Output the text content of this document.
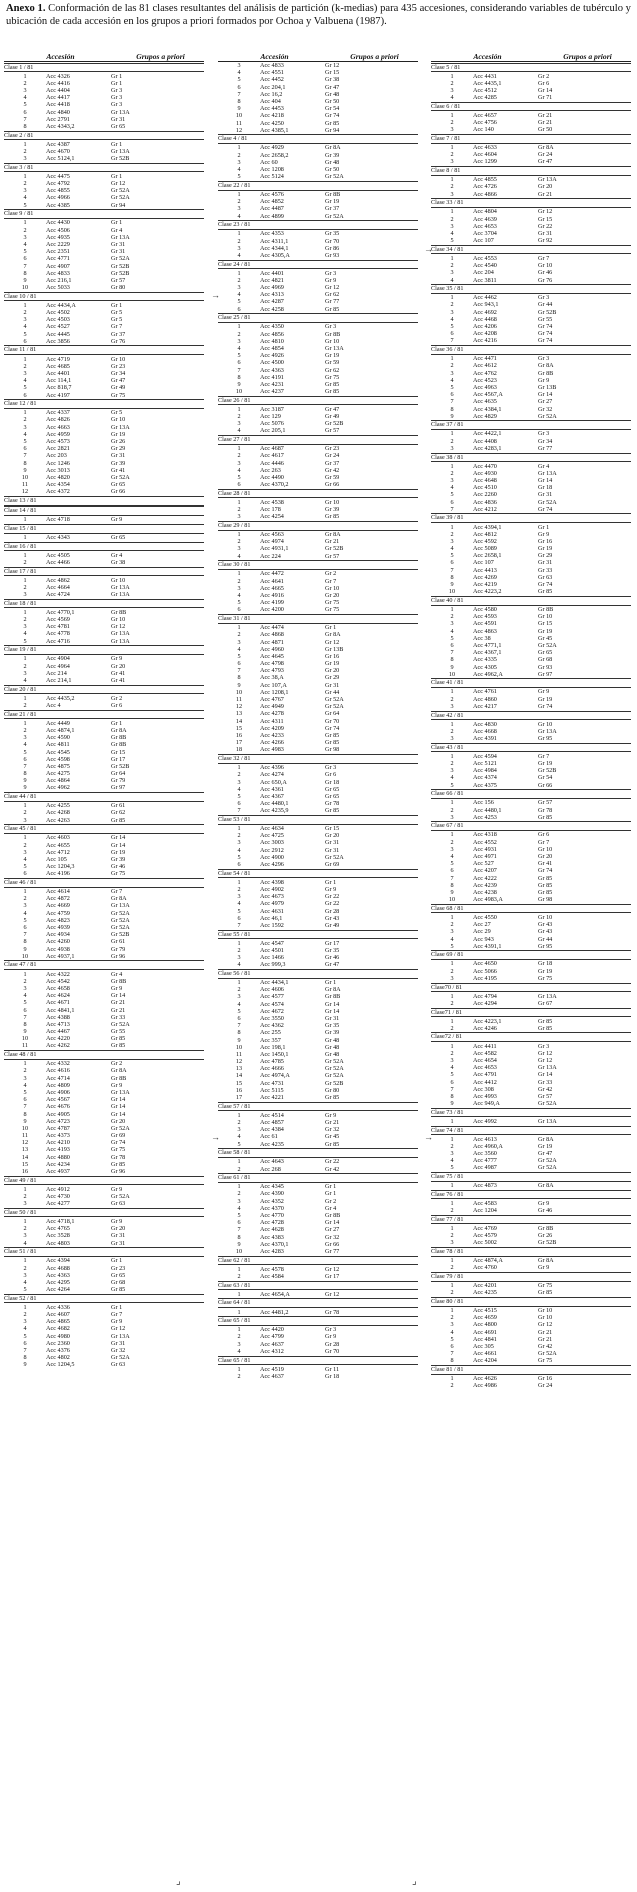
Anexo 1. Conformación de las 81 clases resultantes del análisis de partición (k-medias) para 435 accesiones, considerando variables de tubérculo y ubicación de cada accesión en los grupos a priori formados por Ochoa y Valbuena (1987).
Accesión	Grupos a priori
Clase 1 / 81
1	Acc 4326	Gr 1
2	Acc 4416	Gr 1
3	Acc 4404	Gr 3
4	Acc 4417	Gr 3
5	Acc 4418	Gr 3
6	Acc 4840	Gr 13A
7	Acc 2791	Gr 31
8	Acc 4343,2	Gr 65
Clase 2 / 81
1	Acc 4387	Gr 1
2	Acc 4670	Gr 13A
3	Acc 5124,1	Gr 52B
Clase 3 / 81
1	Acc 4475	Gr 1
2	Acc 4792	Gr 12
3	Acc 4855	Gr 52A
4	Acc 4966	Gr 52A
5	Acc 4385	Gr 94
Clase 9 / 81
1	Acc 4430	Gr 1
2	Acc 4506	Gr 4
3	Acc 4935	Gr 13A
4	Acc 2229	Gr 31
5	Acc 2351	Gr 31
6	Acc 4771	Gr 52A
7	Acc 4907	Gr 52B
8	Acc 4833	Gr 52B
9	Acc 216,1	Gr 57
10	Acc 5033	Gr 80
Clase 10 / 81
1	Acc 4434,A	Gr 1
2	Acc 4502	Gr 5
3	Acc 4503	Gr 5
4	Acc 4527	Gr 7
5	Acc 4445	Gr 37
6	Acc 3856	Gr 76
Clase 11 / 81
1	Acc 4719	Gr 10
2	Acc 4685	Gr 23
3	Acc 4401	Gr 34
4	Acc 114,1	Gr 47
5	Acc 818,7	Gr 49
6	Acc 4197	Gr 75
Clase 12 / 81
1	Acc 4337	Gr 5
2	Acc 4826	Gr 10
3	Acc 4663	Gr 13A
4	Acc 4959	Gr 19
5	Acc 4573	Gr 26
6	Acc 2821	Gr 29
7	Acc 203	Gr 31
8	Acc 1246	Gr 39
9	Acc 3013	Gr 41
10	Acc 4820	Gr 52A
11	Acc 4354	Gr 65
12	Acc 4372	Gr 66
Clase 13 / 81
Clase 14 / 81
1	Acc 4718	Gr 9
Clase 15 / 81
1	Acc 4343	Gr 65
Clase 16 / 81
1	Acc 4505	Gr 4
2	Acc 4466	Gr 38
Clase 17 / 81
1	Acc 4862	Gr 10
2	Acc 4664	Gr 13A
3	Acc 4724	Gr 13A
Clase 18 / 81
1	Acc 4770,1	Gr 8B
2	Acc 4569	Gr 10
3	Acc 4781	Gr 12
4	Acc 4778	Gr 13A
5	Acc 4716	Gr 13A
Clase 19 / 81
1	Acc 4904	Gr 9
2	Acc 4964	Gr 20
3	Acc 214	Gr 41
4	Acc 214,1	Gr 41
Clase 20 / 81
1	Acc 4435,2	Gr 2
2	Acc 4	Gr 6
Clase 21 / 81
1	Acc 4449	Gr 1
2	Acc 4874,1	Gr 8A
3	Acc 4590	Gr 8B
4	Acc 4811	Gr 8B
5	Acc 4545	Gr 15
6	Acc 4598	Gr 17
7	Acc 4875	Gr 52B
8	Acc 4275	Gr 64
9	Acc 4864	Gr 79
9	Acc 4962	Gr 97
Clase 44 / 81
1	Acc 4255	Gr 61
2	Acc 4268	Gr 62
3	Acc 4263	Gr 85
Clase 45 / 81
1	Acc 4603	Gr 14
2	Acc 4655	Gr 14
3	Acc 4712	Gr 19
4	Acc 105	Gr 39
5	Acc 1204,3	Gr 46
6	Acc 4196	Gr 75
Clase 46 / 81
1	Acc 4614	Gr 7
2	Acc 4872	Gr 8A
3	Acc 4669	Gr 13A
4	Acc 4759	Gr 52A
5	Acc 4823	Gr 52A
6	Acc 4939	Gr 52A
7	Acc 4934	Gr 52B
8	Acc 4260	Gr 61
9	Acc 4938	Gr 79
10	Acc 4937,1	Gr 96
Clase 47 / 81
1	Acc 4322	Gr 4
2	Acc 4542	Gr 8B
3	Acc 4658	Gr 9
4	Acc 4624	Gr 14
5	Acc 4671	Gr 21
6	Acc 4841,1	Gr 21
7	Acc 4388	Gr 33
8	Acc 4713	Gr 52A
9	Acc 4467	Gr 55
10	Acc 4220	Gr 85
11	Acc 4262	Gr 85
Clase 48 / 81
1	Acc 4332	Gr 2
2	Acc 4616	Gr 8A
3	Acc 4714	Gr 8B
4	Acc 4809	Gr 9
5	Acc 4906	Gr 13A
6	Acc 4567	Gr 14
7	Acc 4676	Gr 14
8	Acc 4905	Gr 14
9	Acc 4723	Gr 20
10	Acc 4787	Gr 52A
11	Acc 4373	Gr 69
12	Acc 4210	Gr 74
13	Acc 4193	Gr 75
14	Acc 4880	Gr 78
15	Acc 4234	Gr 85
16	Acc 4937	Gr 96
Clase 49 / 81
1	Acc 4912	Gr 9
2	Acc 4730	Gr 52A
3	Acc 4277	Gr 63
Clase 50 / 81
1	Acc 4718,1	Gr 9
2	Acc 4765	Gr 20
3	Acc 3528	Gr 31
4	Acc 4803	Gr 31
Clase 51 / 81
1	Acc 4394	Gr 1
2	Acc 4688	Gr 23
3	Acc 4363	Gr 65
4	Acc 4295	Gr 68
5	Acc 4264	Gr 85
Clase 52 / 81
1	Acc 4336	Gr 1
2	Acc 4607	Gr 7
3	Acc 4865	Gr 9
4	Acc 4682	Gr 12
5	Acc 4980	Gr 13A
6	Acc 2360	Gr 31
7	Acc 4376	Gr 32
8	Acc 4802	Gr 52A
9	Acc 1204,5	Gr 63
Accesión	Grupos a priori
3	Acc 4833	Gr 12
4	Acc 4551	Gr 15
5	Acc 4452	Gr 38
6	Acc 204,1	Gr 47
7	Acc 16,2	Gr 48
8	Acc 404	Gr 50
9	Acc 4453	Gr 54
10	Acc 4218	Gr 74
11	Acc 4250	Gr 85
12	Acc 4385,1	Gr 94
Clase 4 / 81
1	Acc 4929	Gr 8A
2	Acc 2658,2	Gr 39
3	Acc 60	Gr 48
4	Acc 1208	Gr 50
5	Acc 5124	Gr 52A
Clase 22 / 81
1	Acc 4576	Gr 8B
2	Acc 4852	Gr 19
3	Acc 4487	Gr 37
4	Acc 4899	Gr 52A
Clase 23 / 81
1	Acc 4353	Gr 35
2	Acc 4311,1	Gr 70
3	Acc 4344,1	Gr 86
4	Acc 4305,A	Gr 93
Clase 24 / 81
1	Acc 4401	Gr 3
2	Acc 4821	Gr 9
3	Acc 4969	Gr 12
4	Acc 4313	Gr 62
5	Acc 4287	Gr 77
6	Acc 4258	Gr 85
Clase 25 / 81
1	Acc 4350	Gr 3
2	Acc 4856	Gr 8B
3	Acc 4810	Gr 10
4	Acc 4854	Gr 13A
5	Acc 4926	Gr 19
6	Acc 4500	Gr 59
7	Acc 4363	Gr 62
8	Acc 4191	Gr 75
9	Acc 4231	Gr 85
10	Acc 4237	Gr 85
Clase 26 / 81
1	Acc 3187	Gr 47
2	Acc 129	Gr 49
3	Acc 5076	Gr 52B
4	Acc 205,1	Gr 57
Clase 27 / 81
1	Acc 4687	Gr 23
2	Acc 4617	Gr 24
3	Acc 4446	Gr 37
4	Acc 263	Gr 42
5	Acc 4490	Gr 59
6	Acc 4370,2	Gr 66
Clase 28 / 81
1	Acc 4538	Gr 10
2	Acc 178	Gr 39
3	Acc 4254	Gr 85
Clase 29 / 81
1	Acc 4563	Gr 8A
2	Acc 4974	Gr 21
3	Acc 4931,1	Gr 52B
4	Acc 224	Gr 57
Clase 30 / 81
1	Acc 4472	Gr 2
2	Acc 4641	Gr 7
3	Acc 4665	Gr 10
4	Acc 4916	Gr 20
5	Acc 4199	Gr 75
6	Acc 4200	Gr 75
Clase 31 / 81
1	Acc 4474	Gr 1
2	Acc 4868	Gr 8A
3	Acc 4871	Gr 12
4	Acc 4960	Gr 13B
5	Acc 4645	Gr 16
6	Acc 4798	Gr 19
7	Acc 4793	Gr 20
8	Acc 38,A	Gr 29
9	Acc 107,A	Gr 31
10	Acc 1208,1	Gr 44
11	Acc 4767	Gr 52A
12	Acc 4949	Gr 52A
13	Acc 4278	Gr 64
14	Acc 4311	Gr 70
15	Acc 4209	Gr 74
16	Acc 4233	Gr 85
17	Acc 4266	Gr 85
18	Acc 4983	Gr 98
Clase 32 / 81
1	Acc 4396	Gr 3
2	Acc 4274	Gr 6
3	Acc 650,A	Gr 18
4	Acc 4361	Gr 65
5	Acc 4367	Gr 65
6	Acc 4480,1	Gr 78
7	Acc 4235,9	Gr 85
Clase 53 / 81
1	Acc 4634	Gr 15
2	Acc 4725	Gr 20
3	Acc 3003	Gr 31
4	Acc 2912	Gr 31
5	Acc 4900	Gr 52A
6	Acc 4296	Gr 69
Clase 54 / 81
1	Acc 4398	Gr 1
2	Acc 4902	Gr 9
3	Acc 4673	Gr 22
4	Acc 4979	Gr 22
5	Acc 4631	Gr 28
6	Acc 46,1	Gr 43
7	Acc 1592	Gr 49
Clase 55 / 81
1	Acc 4547	Gr 17
2	Acc 4501	Gr 35
3	Acc 1466	Gr 46
4	Acc 999,3	Gr 47
Clase 56 / 81
1	Acc 4434,1	Gr 1
2	Acc 4606	Gr 8A
3	Acc 4577	Gr 8B
4	Acc 4574	Gr 14
5	Acc 4672	Gr 14
6	Acc 3550	Gr 31
7	Acc 4362	Gr 35
8	Acc 255	Gr 39
9	Acc 357	Gr 48
10	Acc 198,1	Gr 48
11	Acc 1450,1	Gr 48
12	Acc 4785	Gr 52A
13	Acc 4666	Gr 52A
14	Acc 4974,A	Gr 52A
15	Acc 4731	Gr 52B
16	Acc 5115	Gr 80
17	Acc 4221	Gr 85
Clase 57 / 81
1	Acc 4514	Gr 9
2	Acc 4857	Gr 21
3	Acc 4384	Gr 32
4	Acc 61	Gr 45
5	Acc 4235	Gr 85
Clase 58 / 81
1	Acc 4643	Gr 22
2	Acc 268	Gr 42
Clase 61 / 81
1	Acc 4345	Gr 1
2	Acc 4390	Gr 1
3	Acc 4352	Gr 2
4	Acc 4370	Gr 4
5	Acc 4770	Gr 8B
6	Acc 4728	Gr 14
7	Acc 4628	Gr 27
8	Acc 4383	Gr 32
9	Acc 4370,1	Gr 66
10	Acc 4283	Gr 77
Clase 62 / 81
1	Acc 4578	Gr 12
2	Acc 4584	Gr 17
Clase 63 / 81
1	Acc 4654,A	Gr 12
Clase 64 / 81
1	Acc 4481,2	Gr 78
Clase 65 / 81
1	Acc 4420	Gr 3
2	Acc 4799	Gr 9
3	Acc 4637	Gr 28
4	Acc 4312	Gr 70
Clase 65 / 81
1	Acc 4519	Gr 11
2	Acc 4637	Gr 18
Accesión	Grupos a priori
Clase 5 / 81
1	Acc 4431	Gr 2
2	Acc 4435,1	Gr 6
3	Acc 4512	Gr 14
4	Acc 4285	Gr 71
Clase 6 / 81
1	Acc 4657	Gr 21
2	Acc 4756	Gr 21
3	Acc 140	Gr 50
Clase 7 / 81
1	Acc 4633	Gr 8A
2	Acc 4604	Gr 24
3	Acc 1299	Gr 47
Clase 8 / 81
1	Acc 4855	Gr 13A
2	Acc 4726	Gr 20
3	Acc 4866	Gr 21
Clase 33 / 81
1	Acc 4804	Gr 12
2	Acc 4639	Gr 15
3	Acc 4653	Gr 22
4	Acc 3704	Gr 31
5	Acc 107	Gr 92
Clase 34 / 81
1	Acc 4553	Gr 7
2	Acc 4540	Gr 10
3	Acc 204	Gr 46
4	Acc 3811	Gr 76
Clase 35 / 81
1	Acc 4462	Gr 3
2	Acc 943,1	Gr 44
3	Acc 4692	Gr 52B
4	Acc 4468	Gr 55
5	Acc 4206	Gr 74
6	Acc 4208	Gr 74
7	Acc 4216	Gr 74
Clase 36 / 81
1	Acc 4471	Gr 3
2	Acc 4612	Gr 8A
3	Acc 4762	Gr 8B
4	Acc 4523	Gr 9
5	Acc 4963	Gr 13B
6	Acc 4567,A	Gr 14
7	Acc 4635	Gr 27
8	Acc 4384,1	Gr 32
9	Acc 4829	Gr 52A
Clase 37 / 81
1	Acc 4422,1	Gr 3
2	Acc 4408	Gr 34
3	Acc 4283,1	Gr 77
Clase 38 / 81
1	Acc 4470	Gr 4
2	Acc 4930	Gr 13A
3	Acc 4648	Gr 14
4	Acc 4510	Gr 18
5	Acc 2260	Gr 31
6	Acc 4836	Gr 52A
7	Acc 4212	Gr 74
Clase 39 / 81
1	Acc 4394,1	Gr 1
2	Acc 4812	Gr 9
3	Acc 4592	Gr 16
4	Acc 5089	Gr 19
5	Acc 2658,1	Gr 29
6	Acc 107	Gr 31
7	Acc 4413	Gr 33
8	Acc 4269	Gr 63
9	Acc 4219	Gr 74
10	Acc 4223,2	Gr 85
Clase 40 / 81
1	Acc 4580	Gr 8B
2	Acc 4593	Gr 10
3	Acc 4591	Gr 15
4	Acc 4863	Gr 19
5	Acc 38	Gr 45
6	Acc 4771,1	Gr 52A
7	Acc 4367,1	Gr 65
8	Acc 4335	Gr 68
9	Acc 4305	Gr 93
10	Acc 4962,A	Gr 97
Clase 41 / 81
1	Acc 4761	Gr 9
2	Acc 4860	Gr 19
3	Acc 4217	Gr 74
Clase 42 / 81
1	Acc 4830	Gr 10
2	Acc 4668	Gr 13A
3	Acc 4391	Gr 95
Clase 43 / 81
1	Acc 4594	Gr 7
2	Acc 5121	Gr 19
3	Acc 4984	Gr 52B
4	Acc 4374	Gr 54
5	Acc 4375	Gr 66
Clase 66 / 81
1	Acc 156	Gr 57
2	Acc 4480,1	Gr 78
3	Acc 4253	Gr 85
Clase 67 / 81
1	Acc 4318	Gr 6
2	Acc 4552	Gr 7
3	Acc 4931	Gr 10
4	Acc 4971	Gr 20
5	Acc 527	Gr 41
6	Acc 4207	Gr 74
7	Acc 4222	Gr 85
8	Acc 4239	Gr 85
9	Acc 4238	Gr 85
10	Acc 4983,A	Gr 98
Clase 68 / 81
1	Acc 4550	Gr 10
2	Acc 27	Gr 43
3	Acc 29	Gr 43
4	Acc 943	Gr 44
5	Acc 4391,1	Gr 95
Clase 69 / 81
1	Acc 4650	Gr 18
2	Acc 5066	Gr 19
3	Acc 4195	Gr 75
Clase70 / 81
1	Acc 4794	Gr 13A
2	Acc 4294	Gr 67
Clase71 / 81
1	Acc 4223,1	Gr 85
2	Acc 4246	Gr 85
Clase72 / 81
1	Acc 4411	Gr 3
2	Acc 4582	Gr 12
3	Acc 4654	Gr 12
4	Acc 4653	Gr 13A
5	Acc 4791	Gr 14
6	Acc 4412	Gr 33
7	Acc 308	Gr 42
8	Acc 4993	Gr 57
9	Acc 949,A	Gr 52A
Clase 73 / 81
1	Acc 4992	Gr 13A
Clase 74 / 81
1	Acc 4613	Gr 8A
2	Acc 4960,A	Gr 19
3	Acc 3560	Gr 47
4	Acc 4777	Gr 52A
5	Acc 4987	Gr 52A
Clase 75 / 81
1	Acc 4873	Gr 8A
Clase 76 / 81
1	Acc 4583	Gr 9
2	Acc 1204	Gr 46
Clase 77 / 81
1	Acc 4769	Gr 8B
2	Acc 4579	Gr 26
3	Acc 5002	Gr 52B
Clase 78 / 81
1	Acc 4874,A	Gr 8A
2	Acc 4760	Gr 9
Clase 79 / 81
1	Acc 4201	Gr 75
2	Acc 4235	Gr 85
Clase 80 / 81
1	Acc 4515	Gr 10
2	Acc 4659	Gr 10
3	Acc 4800	Gr 12
4	Acc 4691	Gr 21
5	Acc 4841	Gr 21
6	Acc 305	Gr 42
7	Acc 4661	Gr 52A
8	Acc 4204	Gr 75
Clase 81 / 81
1	Acc 4626	Gr 16
2	Acc 4986	Gr 24
→	→
→
→
⌟	⌟
